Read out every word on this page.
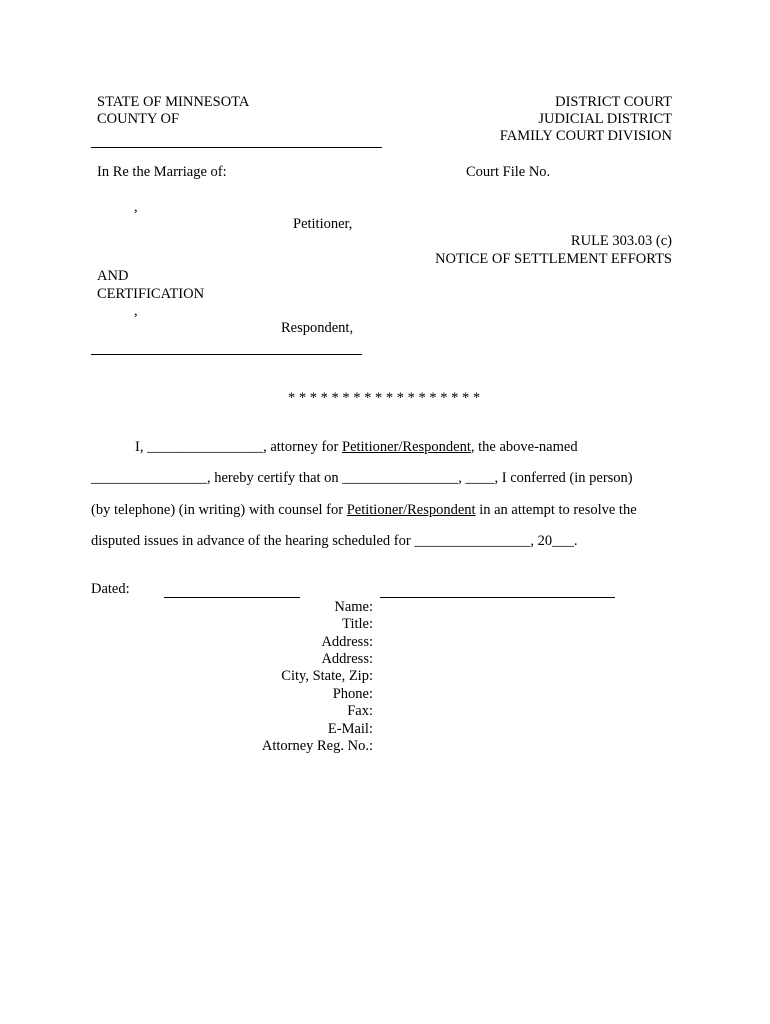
STATE OF MINNESOTA
COUNTY OF
DISTRICT COURT
JUDICIAL DISTRICT
FAMILY COURT DIVISION
In Re the Marriage of:	Court File No.
,
Petitioner,
RULE 303.03 (c)
NOTICE OF SETTLEMENT EFFORTS
AND
CERTIFICATION
,
Respondent,
* * * * * * * * * * * * * * * * * *
I, ________________, attorney for Petitioner/Respondent, the above-named
________________, hereby certify that on ________________, ____, I conferred (in person)
(by telephone) (in writing) with counsel for Petitioner/Respondent in an attempt to resolve the
disputed issues in advance of the hearing scheduled for ________________, 20___.
Dated:
Name:
Title:
Address:
Address:
City, State, Zip:
Phone:
Fax:
E-Mail:
Attorney Reg. No.:
